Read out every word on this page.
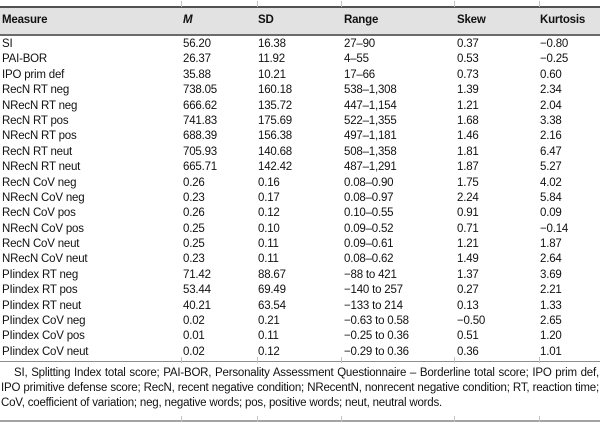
Measure	M	SD	Range	Skew	Kurtosis
SI	56.20	16.38	27–90	0.37	−0.80
PAI-BOR	26.37	11.92	4–55	0.53	−0.25
IPO prim def	35.88	10.21	17–66	0.73	0.60
RecN RT neg	738.05	160.18	538–1,308	1.39	2.34
NRecN RT neg	666.62	135.72	447–1,154	1.21	2.04
RecN RT pos	741.83	175.69	522–1,355	1.68	3.38
NRecN RT pos	688.39	156.38	497–1,181	1.46	2.16
RecN RT neut	705.93	140.68	508–1,358	1.81	6.47
NRecN RT neut	665.71	142.42	487–1,291	1.87	5.27
RecN CoV neg	0.26	0.16	0.08–0.90	1.75	4.02
NRecN CoV neg	0.23	0.17	0.08–0.97	2.24	5.84
RecN CoV pos	0.26	0.12	0.10–0.55	0.91	0.09
NRecN CoV pos	0.25	0.10	0.09–0.52	0.71	−0.14
RecN CoV neut	0.25	0.11	0.09–0.61	1.21	1.87
NRecN CoV neut	0.23	0.11	0.08–0.62	1.49	2.64
PIindex RT neg	71.42	88.67	−88 to 421	1.37	3.69
PIindex RT pos	53.44	69.49	−140 to 257	0.27	2.21
PIindex RT neut	40.21	63.54	−133 to 214	0.13	1.33
PIindex CoV neg	0.02	0.21	−0.63 to 0.58	−0.50	2.65
PIindex CoV pos	0.01	0.11	−0.25 to 0.36	0.51	1.20
PIindex CoV neut	0.02	0.12	−0.29 to 0.36	0.36	1.01
SI, Splitting Index total score; PAI-BOR, Personality Assessment Questionnaire – Borderline total score; IPO prim def, IPO primitive defense score; RecN, recent negative condition; NRecentN, nonrecent negative condition; RT, reaction time; CoV, coefficient of variation; neg, negative words; pos, positive words; neut, neutral words.
